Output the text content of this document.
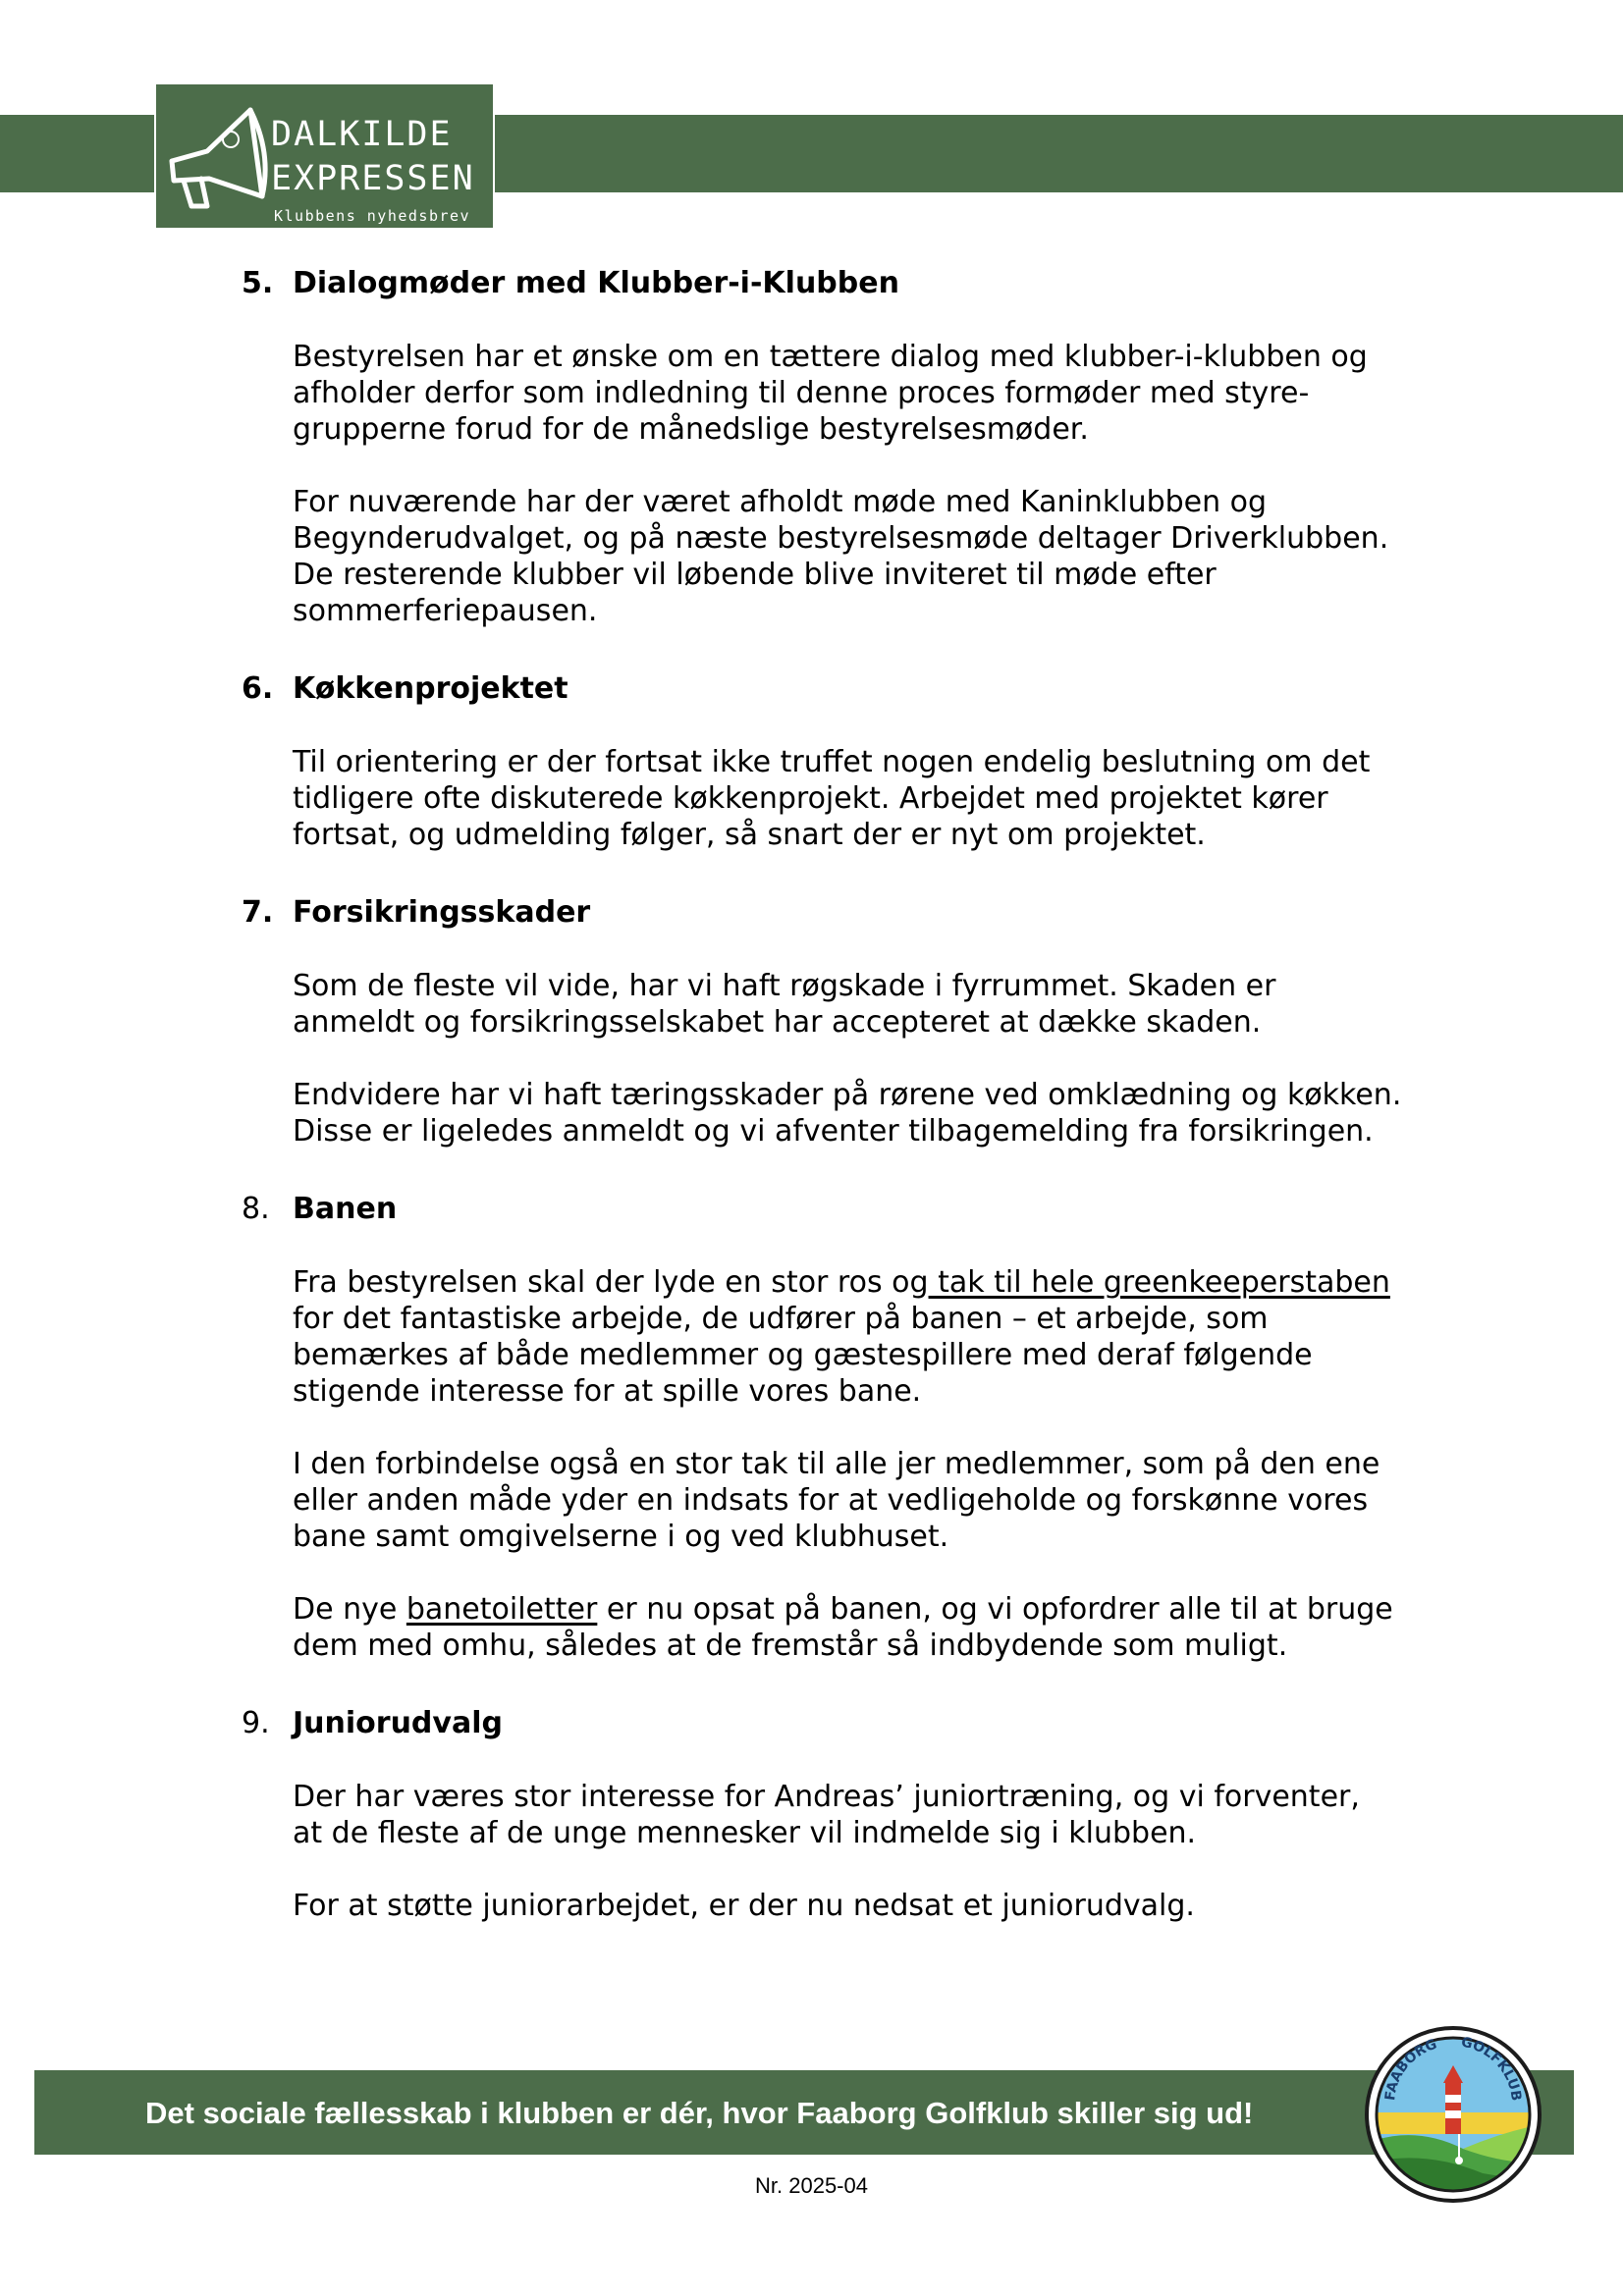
DALKILDE
EXPRESSEN
Klubbens nyhedsbrev
5. Dialogmøder med Klubber-i-Klubben

Bestyrelsen har et ønske om en tættere dialog med klubber-i-klubben og
afholder derfor som indledning til denne proces formøder med styre-
grupperne forud for de månedslige bestyrelsesmøder.

For nuværende har der været afholdt møde med Kaninklubben og
Begynderudvalget, og på næste bestyrelsesmøde deltager Driverklubben.
De resterende klubber vil løbende blive inviteret til møde efter
sommerferiepausen.

6. Køkkenprojektet

Til orientering er der fortsat ikke truffet nogen endelig beslutning om det
tidligere ofte diskuterede køkkenprojekt. Arbejdet med projektet kører
fortsat, og udmelding følger, så snart der er nyt om projektet.

7. Forsikringsskader

Som de fleste vil vide, har vi haft røgskade i fyrrummet. Skaden er
anmeldt og forsikringsselskabet har accepteret at dække skaden.

Endvidere har vi haft tæringsskader på rørene ved omklædning og køkken.
Disse er ligeledes anmeldt og vi afventer tilbagemelding fra forsikringen.

8. Banen

Fra bestyrelsen skal der lyde en stor ros og tak til hele greenkeeperstaben
for det fantastiske arbejde, de udfører på banen – et arbejde, som
bemærkes af både medlemmer og gæstespillere med deraf følgende
stigende interesse for at spille vores bane.

I den forbindelse også en stor tak til alle jer medlemmer, som på den ene
eller anden måde yder en indsats for at vedligeholde og forskønne vores
bane samt omgivelserne i og ved klubhuset.

De nye banetoiletter er nu opsat på banen, og vi opfordrer alle til at bruge
dem med omhu, således at de fremstår så indbydende som muligt.

9. Juniorudvalg

Der har væres stor interesse for Andreas’ juniortræning, og vi forventer,
at de fleste af de unge mennesker vil indmelde sig i klubben.

For at støtte juniorarbejdet, er der nu nedsat et juniorudvalg.

Det sociale fællesskab i klubben er dér, hvor Faaborg Golfklub skiller sig ud!	FAABORG GOLFKLUB
Nr. 2025-04
